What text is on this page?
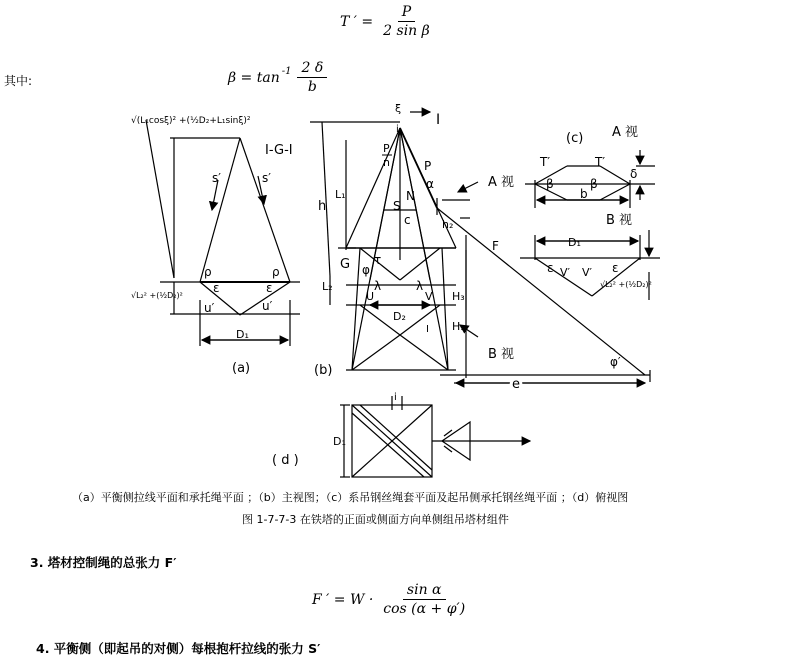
T ′ = $\frac{P}{\text{2 sin β}}$
其中:	$\beta = \tan^{-1} \frac{2 \delta}{b}$
√(L₁cosξ)² +(½D₂+L₁sinξ)²
I-G-I
s′	s′
ρ	ρ
ε	ε
√L₂² +(½D₂)²
u′	u′
D₁
(a)
ξ
i
I
P
n	P
α
N
S
c
h
L₁
L₂
h₂
H₃
H₁
G φ
τ
λ	λ
U	V
D₂
I
F
φ′
e
A 视
B 视
(b)
(c) A 视
T′	T′
β	β
δ
b
B 视
D₁
ε	ε
V′ V′
√L₂² +(½D₂)²
i
D₁
( d )
（a）平衡侧拉线平面和承托绳平面 ；（b）主视图；（c）系吊钢丝绳套平面及起吊侧承托钢丝绳平面 ；（d）俯视图
图 1-7-7-3 在铁塔的正面或侧面方向单侧组吊塔材组件
3. 塔材控制绳的总张力 F′
F ′ = $W \cdot \frac{\text{sin α}}{\cos (\alpha + \varphi')}$
4. 平衡侧（即起吊的对侧）每根抱杆拉线的张力 S′
